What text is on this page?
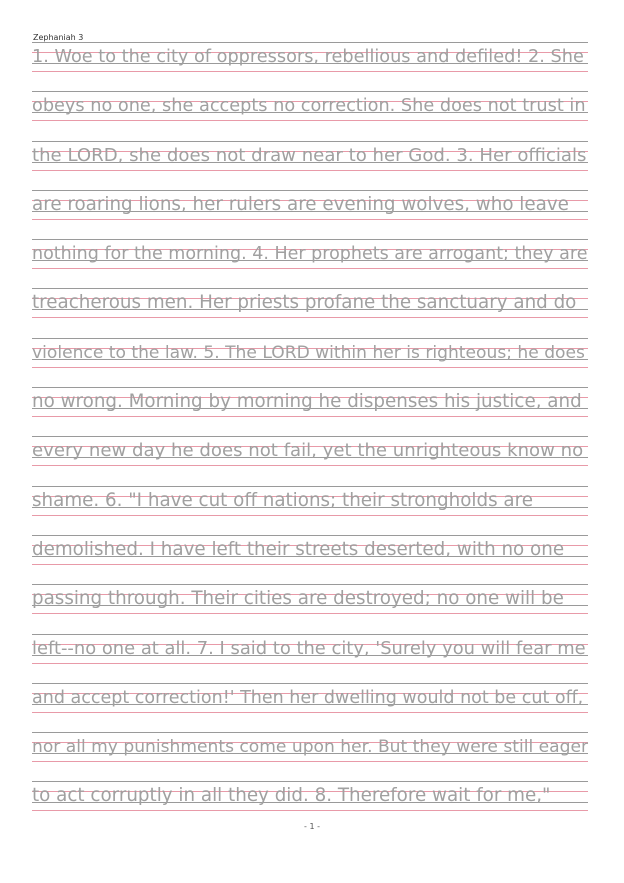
Zephaniah 3
1. Woe to the city of oppressors, rebellious and defiled! 2. She
obeys no one, she accepts no correction. She does not trust in
the LORD, she does not draw near to her God. 3. Her officials
are roaring lions, her rulers are evening wolves, who leave
nothing for the morning. 4. Her prophets are arrogant; they are
treacherous men. Her priests profane the sanctuary and do
violence to the law. 5. The LORD within her is righteous; he does
no wrong. Morning by morning he dispenses his justice, and
every new day he does not fail, yet the unrighteous know no
shame. 6. "I have cut off nations; their strongholds are
demolished. I have left their streets deserted, with no one
passing through. Their cities are destroyed; no one will be
left--no one at all. 7. I said to the city, 'Surely you will fear me
and accept correction!' Then her dwelling would not be cut off,
nor all my punishments come upon her. But they were still eager
to act corruptly in all they did. 8. Therefore wait for me,"
- 1 -
